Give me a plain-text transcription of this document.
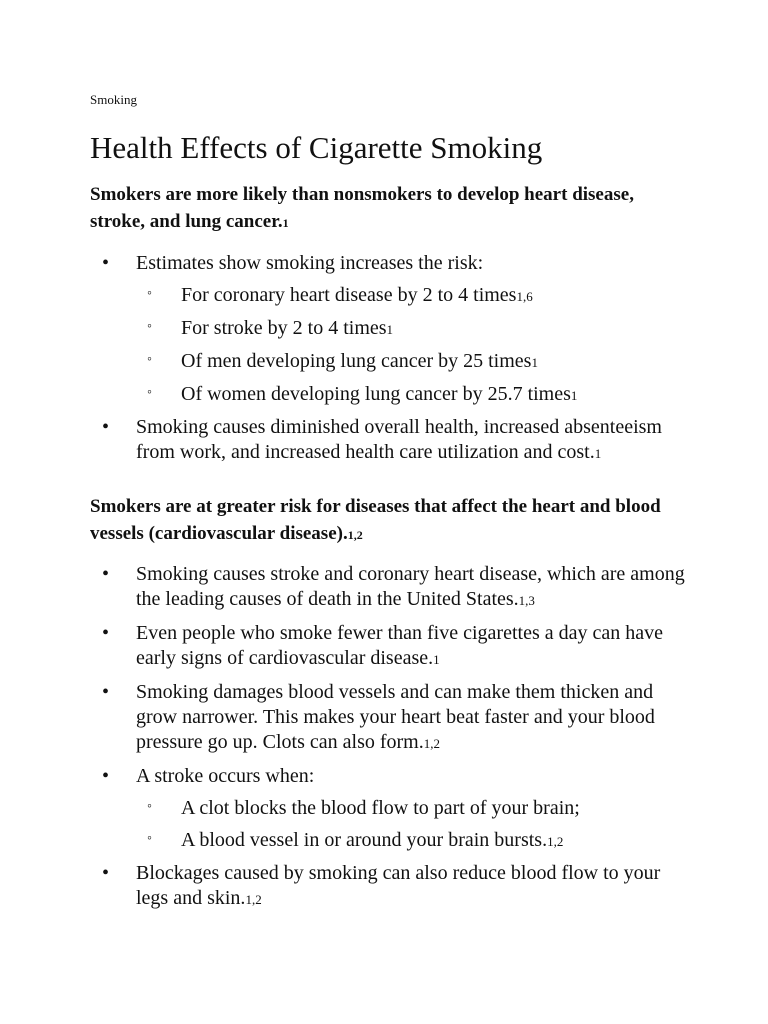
Smoking
Health Effects of Cigarette Smoking
Smokers are more likely than nonsmokers to develop heart disease, stroke, and lung cancer.1
• Estimates show smoking increases the risk:
◦ For coronary heart disease by 2 to 4 times1,6
◦ For stroke by 2 to 4 times1
◦ Of men developing lung cancer by 25 times1
◦ Of women developing lung cancer by 25.7 times1
• Smoking causes diminished overall health, increased absenteeism from work, and increased health care utilization and cost.1
Smokers are at greater risk for diseases that affect the heart and blood vessels (cardiovascular disease).1,2
• Smoking causes stroke and coronary heart disease, which are among the leading causes of death in the United States.1,3
• Even people who smoke fewer than five cigarettes a day can have early signs of cardiovascular disease.1
• Smoking damages blood vessels and can make them thicken and grow narrower. This makes your heart beat faster and your blood pressure go up. Clots can also form.1,2
• A stroke occurs when:
◦ A clot blocks the blood flow to part of your brain;
◦ A blood vessel in or around your brain bursts.1,2
• Blockages caused by smoking can also reduce blood flow to your legs and skin.1,2
